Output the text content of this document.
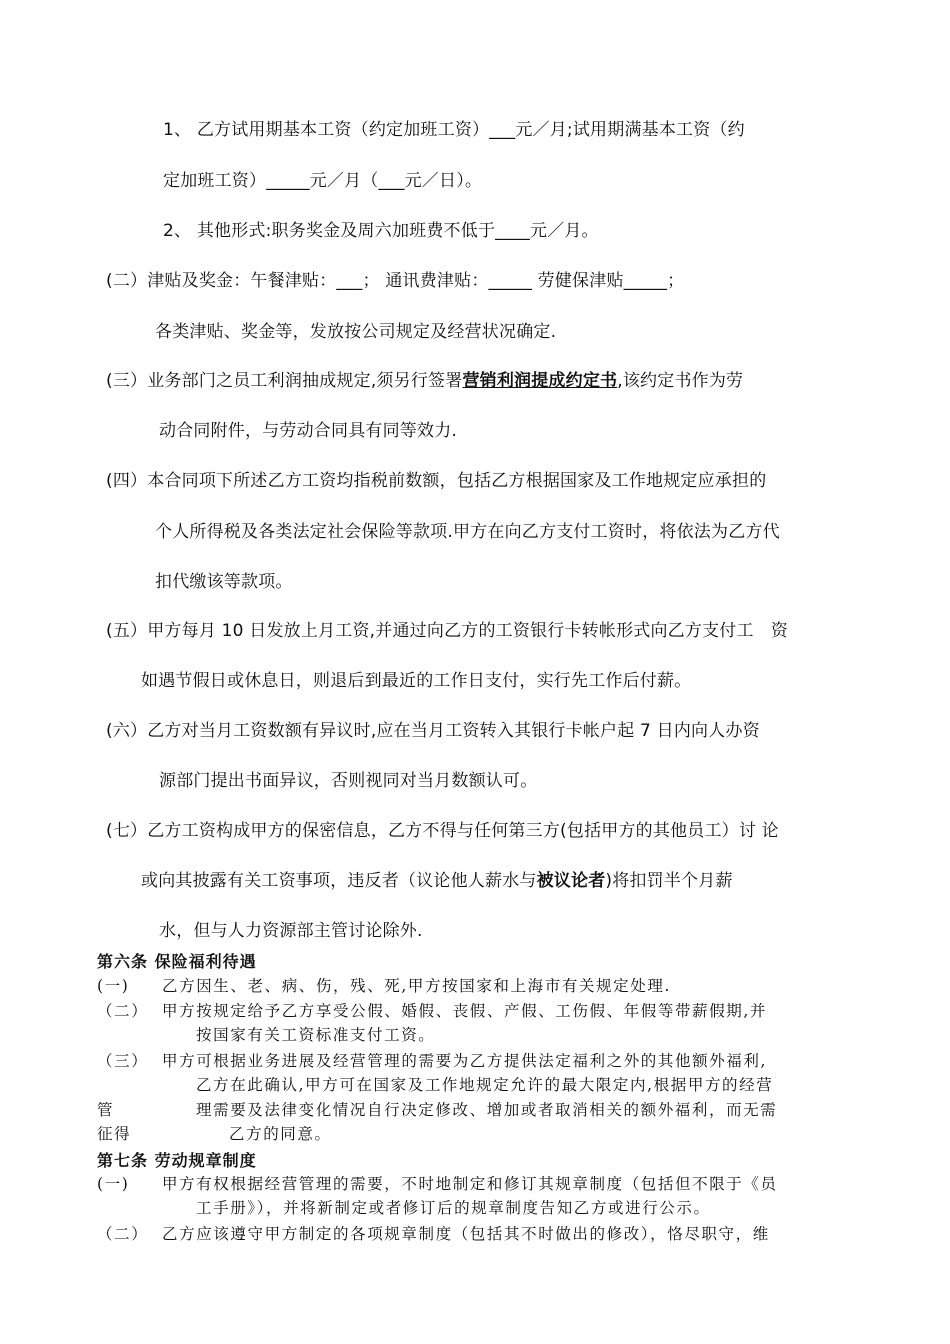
1、 乙方试用期基本工资（约定加班工资）___元／月;试用期满基本工资（约
定加班工资）_____元／月（___元／日）。
2、 其他形式:职务奖金及周六加班费不低于____元／月。
(二）津贴及奖金：午餐津贴：___； 通讯费津贴：_____ 劳健保津贴_____；
各类津贴、奖金等，发放按公司规定及经营状况确定.
(三）业务部门之员工利润抽成规定,须另行签署营销利润提成约定书,该约定书作为劳
动合同附件，与劳动合同具有同等效力.
(四）本合同项下所述乙方工资均指税前数额，包括乙方根据国家及工作地规定应承担的
个人所得税及各类法定社会保险等款项.甲方在向乙方支付工资时，将依法为乙方代
扣代缴该等款项。
(五）甲方每月 10 日发放上月工资,并通过向乙方的工资银行卡转帐形式向乙方支付工　资
如遇节假日或休息日，则退后到最近的工作日支付，实行先工作后付薪。
(六）乙方对当月工资数额有异议时,应在当月工资转入其银行卡帐户起 7 日内向人办资
源部门提出书面异议，否则视同对当月数额认可。
(七）乙方工资构成甲方的保密信息，乙方不得与任何第三方(包括甲方的其他员工）讨 论
或向其披露有关工资事项，违反者（议论他人薪水与被议论者)将扣罚半个月薪
水，但与人力资源部主管讨论除外.
第六条 保险福利待遇
(一) 乙方因生、老、病、伤，残、死,甲方按国家和上海市有关规定处理.
（二） 甲方按规定给予乙方享受公假、婚假、丧假、产假、工伤假、年假等带薪假期,并
按国家有关工资标准支付工资。
（三） 甲方可根据业务进展及经营管理的需要为乙方提供法定福利之外的其他额外福利,
乙方在此确认,甲方可在国家及工作地规定允许的最大限定内,根据甲方的经营
管	理需要及法律变化情况自行决定修改、增加或者取消相关的额外福利，而无需
征得	乙方的同意。
第七条 劳动规章制度
(一) 甲方有权根据经营管理的需要，不时地制定和修订其规章制度（包括但不限于《员
工手册》），并将新制定或者修订后的规章制度告知乙方或进行公示。
（二） 乙方应该遵守甲方制定的各项规章制度（包括其不时做出的修改），恪尽职守，维
